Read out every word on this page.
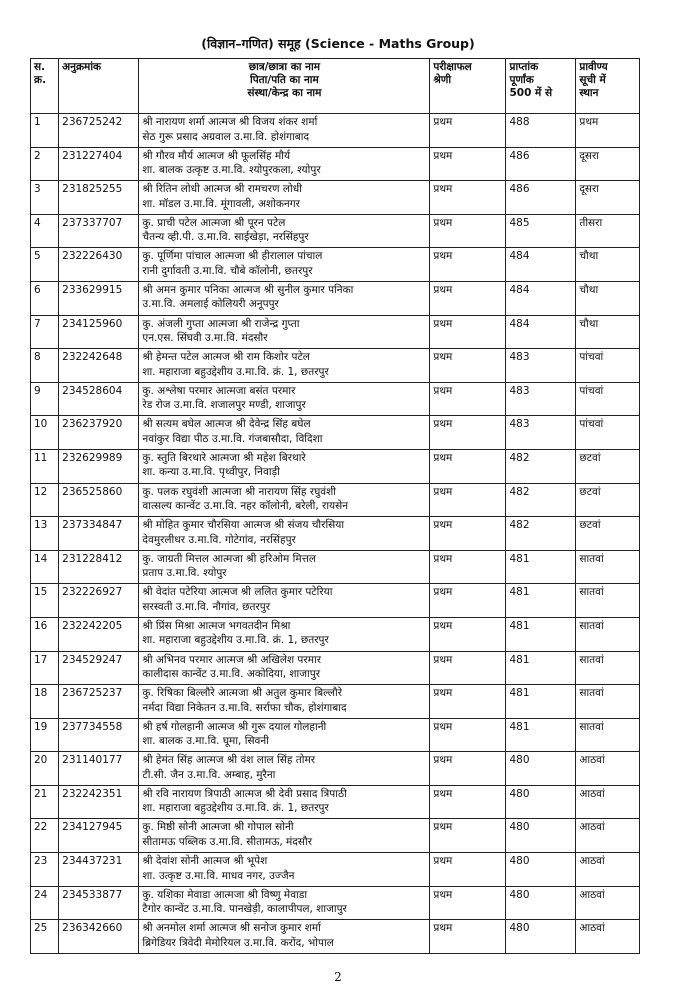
(विज्ञान–गणित) समूह (Science - Maths Group)
स.
क्र.	अनुक्रमांक	छात्र/छात्रा का नाम
पिता/पति का नाम
संस्था/केन्द्र का नाम	परीक्षाफल
श्रेणी	प्राप्तांक
पूर्णांक
500 में से	प्रावीण्य
सूची में
स्थान

1	236725242	श्री नारायण शर्मा आत्मज श्री विजय शंकर शर्मा
सेठ गुरू प्रसाद अग्रवाल उ.मा.वि. होशंगाबाद	प्रथम	488	प्रथम
2	231227404	श्री गौरव मौर्य आत्मज श्री फूलसिंह मौर्य
शा. बालक उत्कृष्ट उ.मा.वि. श्योपुरकला, श्योपुर	प्रथम	486	दूसरा
3	231825255	श्री रितिन लोधी आत्मज श्री रामचरण लोधी
शा. मॉडल उ.मा.वि. मूंगावली, अशोकनगर	प्रथम	486	दूसरा
4	237337707	कु. प्राची पटेल आत्मजा श्री पूरन पटेल
चैतन्य व्ही.पी. उ.मा.वि. साईखेड़ा, नरसिंहपुर	प्रथम	485	तीसरा
5	232226430	कु. पूर्णिमा पांचाल आत्मजा श्री हीरालाल पांचाल
रानी दुर्गावती उ.मा.वि. चौबे कॉलोनी, छतरपुर	प्रथम	484	चौथा
6	233629915	श्री अमन कुमार पनिका आत्मज श्री सुनील कुमार पनिका
उ.मा.वि. अमलाई कोलियरी अनूपपुर	प्रथम	484	चौथा
7	234125960	कु. अंजली गुप्ता आत्मजा श्री राजेन्द्र गुप्ता
एन.एस. सिंघवी उ.मा.वि. मंदसौर	प्रथम	484	चौथा
8	232242648	श्री हेमन्त पटेल आत्मज श्री राम किशोर पटेल
शा. महाराजा बहुउद्देशीय उ.मा.वि. क्रं. 1, छतरपुर	प्रथम	483	पांचवां
9	234528604	कु. अश्लेषा परमार आत्मजा बसंत परमार
रेड रोज उ.मा.वि. शजालपुर मण्डी, शाजापुर	प्रथम	483	पांचवां
10	236237920	श्री सत्यम बघेल आत्मज श्री देवेन्द्र सिंह बघेल
नवांकुर विद्या पीठ उ.मा.वि. गंजबासौदा, विदिशा	प्रथम	483	पांचवां
11	232629989	कु. स्तुति बिरथारे आत्मजा श्री महेश बिरथारे
शा. कन्या उ.मा.वि. पृथ्वीपुर, निवाड़ी	प्रथम	482	छटवां
12	236525860	कु. पलक रघुवंशी आत्मजा श्री नारायण सिंह रघुवंशी
वात्सल्य कान्वेंट उ.मा.वि. नहर कॉलोनी, बरेली, रायसेन	प्रथम	482	छटवां
13	237334847	श्री मोहित कुमार चौरसिया आत्मज श्री संजय चौरसिया
देवमुरलीधर उ.मा.वि. गोटेगांव, नरसिंहपुर	प्रथम	482	छटवां
14	231228412	कु. जाग्रती मित्तल आत्मजा श्री हरिओम मित्तल
प्रताप उ.मा.वि. श्योपुर	प्रथम	481	सातवां
15	232226927	श्री वेदांत पटेरिया आत्मज श्री ललित कुमार पटेरिया
सरस्वती उ.मा.वि. नौगांव, छतरपुर	प्रथम	481	सातवां
16	232242205	श्री प्रिंस मिश्रा आत्मज भगवतदीन मिश्रा
शा. महाराजा बहुउद्देशीय उ.मा.वि. क्रं. 1, छतरपुर	प्रथम	481	सातवां
17	234529247	श्री अभिनव परमार आत्मज श्री अखिलेश परमार
कालीदास कान्वेंट उ.मा.वि. अकोदिया, शाजापुर	प्रथम	481	सातवां
18	236725237	कु. रिषिका बिल्लौरे आत्मजा श्री अतुल कुमार बिल्लौरे
नर्मदा विद्या निकेतन उ.मा.वि. सर्राफा चौक, होशंगाबाद	प्रथम	481	सातवां
19	237734558	श्री हर्ष गोलहानी आत्मज श्री गुरू दयाल गोलहानी
शा. बालक उ.मा.वि. घूमा, सिवनी	प्रथम	481	सातवां
20	231140177	श्री हेमंत सिंह आत्मज श्री वंश लाल सिंह तोमर
टी.सी. जैन उ.मा.वि. अम्बाह, मुरैना	प्रथम	480	आठवां
21	232242351	श्री रवि नारायण त्रिपाठी आत्मज श्री देवी प्रसाद त्रिपाठी
शा. महाराजा बहुउद्देशीय उ.मा.वि. क्रं. 1, छतरपुर	प्रथम	480	आठवां
22	234127945	कु. मिष्ठी सोनी आत्मजा श्री गोपाल सोनी
सीतामऊ पब्लिक उ.मा.वि. सीतामऊ, मंदसौर	प्रथम	480	आठवां
23	234437231	श्री देवांश सोनी आत्मज श्री भूपेश
शा. उत्कृष्ट उ.मा.वि. माधव नगर, उज्जैन	प्रथम	480	आठवां
24	234533877	कु. यशिका मेवाडा आत्मजा श्री विष्णु मेवाडा
टैगोर कान्वेंट उ.मा.वि. पानखेड़ी, कालापीपल, शाजापुर	प्रथम	480	आठवां
25	236342660	श्री अनमोल शर्मा आत्मज श्री सनोज कुमार शर्मा
ब्रिगेडियर त्रिवेदी मेमोरियल उ.मा.वि. करोंद, भोपाल	प्रथम	480	आठवां
2
